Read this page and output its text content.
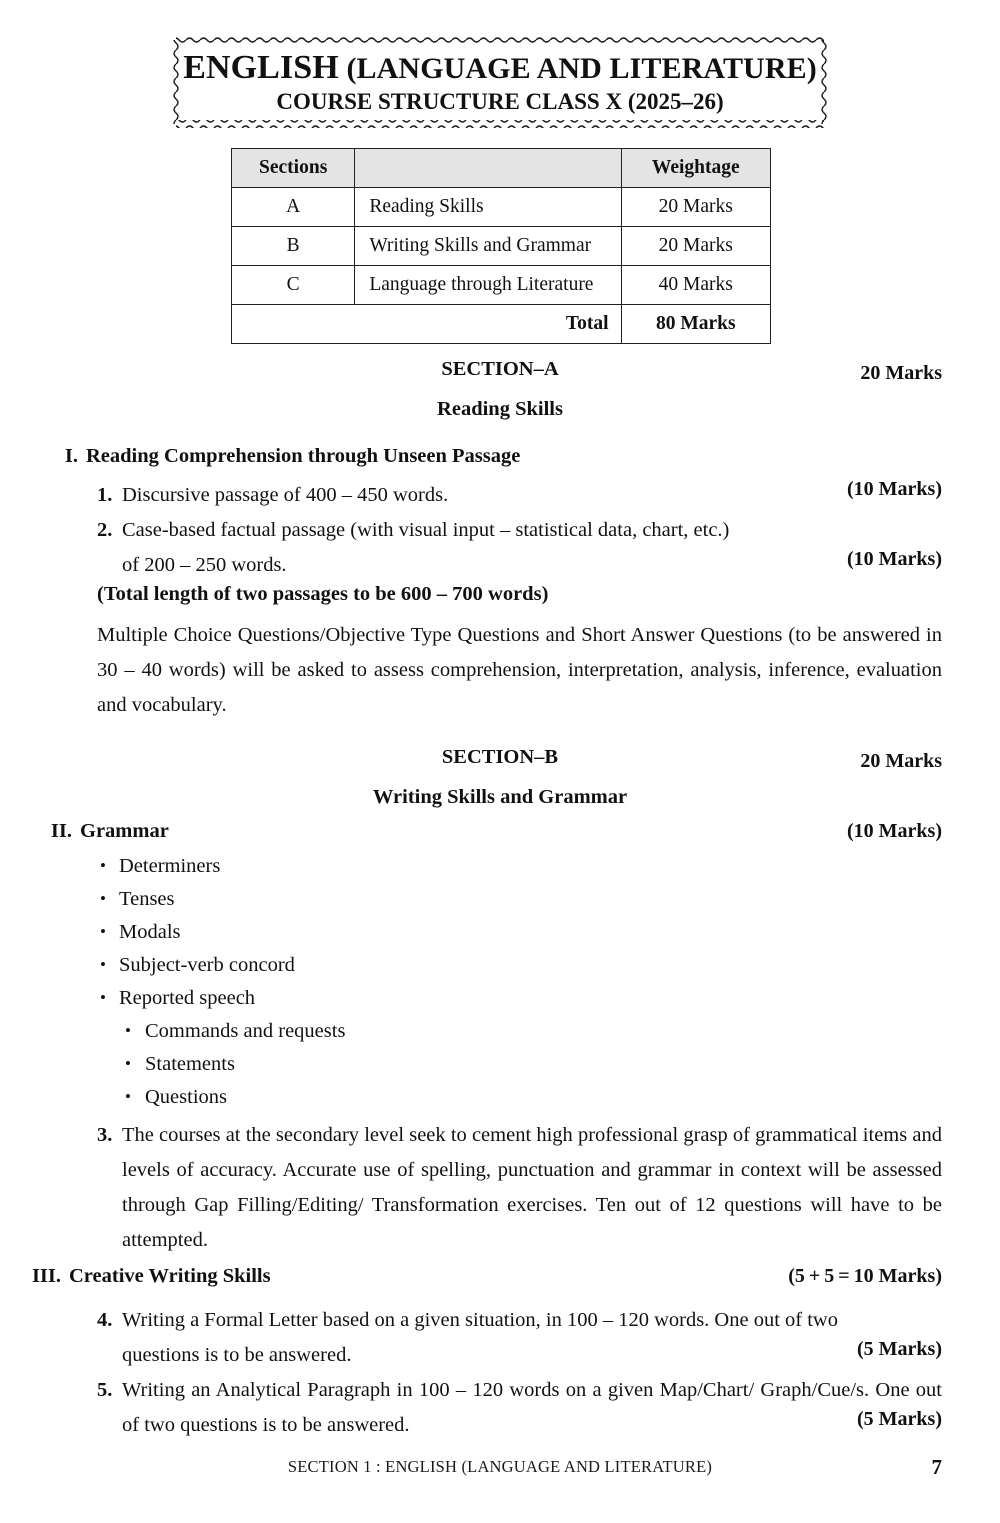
ENGLISH (LANGUAGE AND LITERATURE)
COURSE STRUCTURE CLASS X (2025–26)
Sections		Weightage
A	Reading Skills	20 Marks
B	Writing Skills and Grammar	20 Marks
C	Language through Literature	40 Marks
Total		80 Marks
SECTION–A	20 Marks
Reading Skills
I. Reading Comprehension through Unseen Passage
1. Discursive passage of 400 – 450 words.	(10 Marks)
2. Case-based factual passage (with visual input – statistical data, chart, etc.)
of 200 – 250 words.	(10 Marks)
(Total length of two passages to be 600 – 700 words)
Multiple Choice Questions/Objective Type Questions and Short Answer Questions (to be answered in 30 – 40 words) will be asked to assess comprehension, interpretation, analysis, inference, evaluation and vocabulary.
SECTION–B	20 Marks
Writing Skills and Grammar
II. Grammar	(10 Marks)
• Determiners
• Tenses
• Modals
• Subject-verb concord
• Reported speech
• Commands and requests
• Statements
• Questions
3. The courses at the secondary level seek to cement high professional grasp of grammatical items and levels of accuracy. Accurate use of spelling, punctuation and grammar in context will be assessed through Gap Filling/Editing/ Transformation exercises. Ten out of 12 questions will have to be attempted.
III. Creative Writing Skills	(5 + 5 = 10 Marks)
4. Writing a Formal Letter based on a given situation, in 100 – 120 words. One out of two questions is to be answered.	(5 Marks)
5. Writing an Analytical Paragraph in 100 – 120 words on a given Map/Chart/ Graph/Cue/s. One out of two questions is to be answered.	(5 Marks)
SECTION 1 : ENGLISH (LANGUAGE AND LITERATURE)	7
